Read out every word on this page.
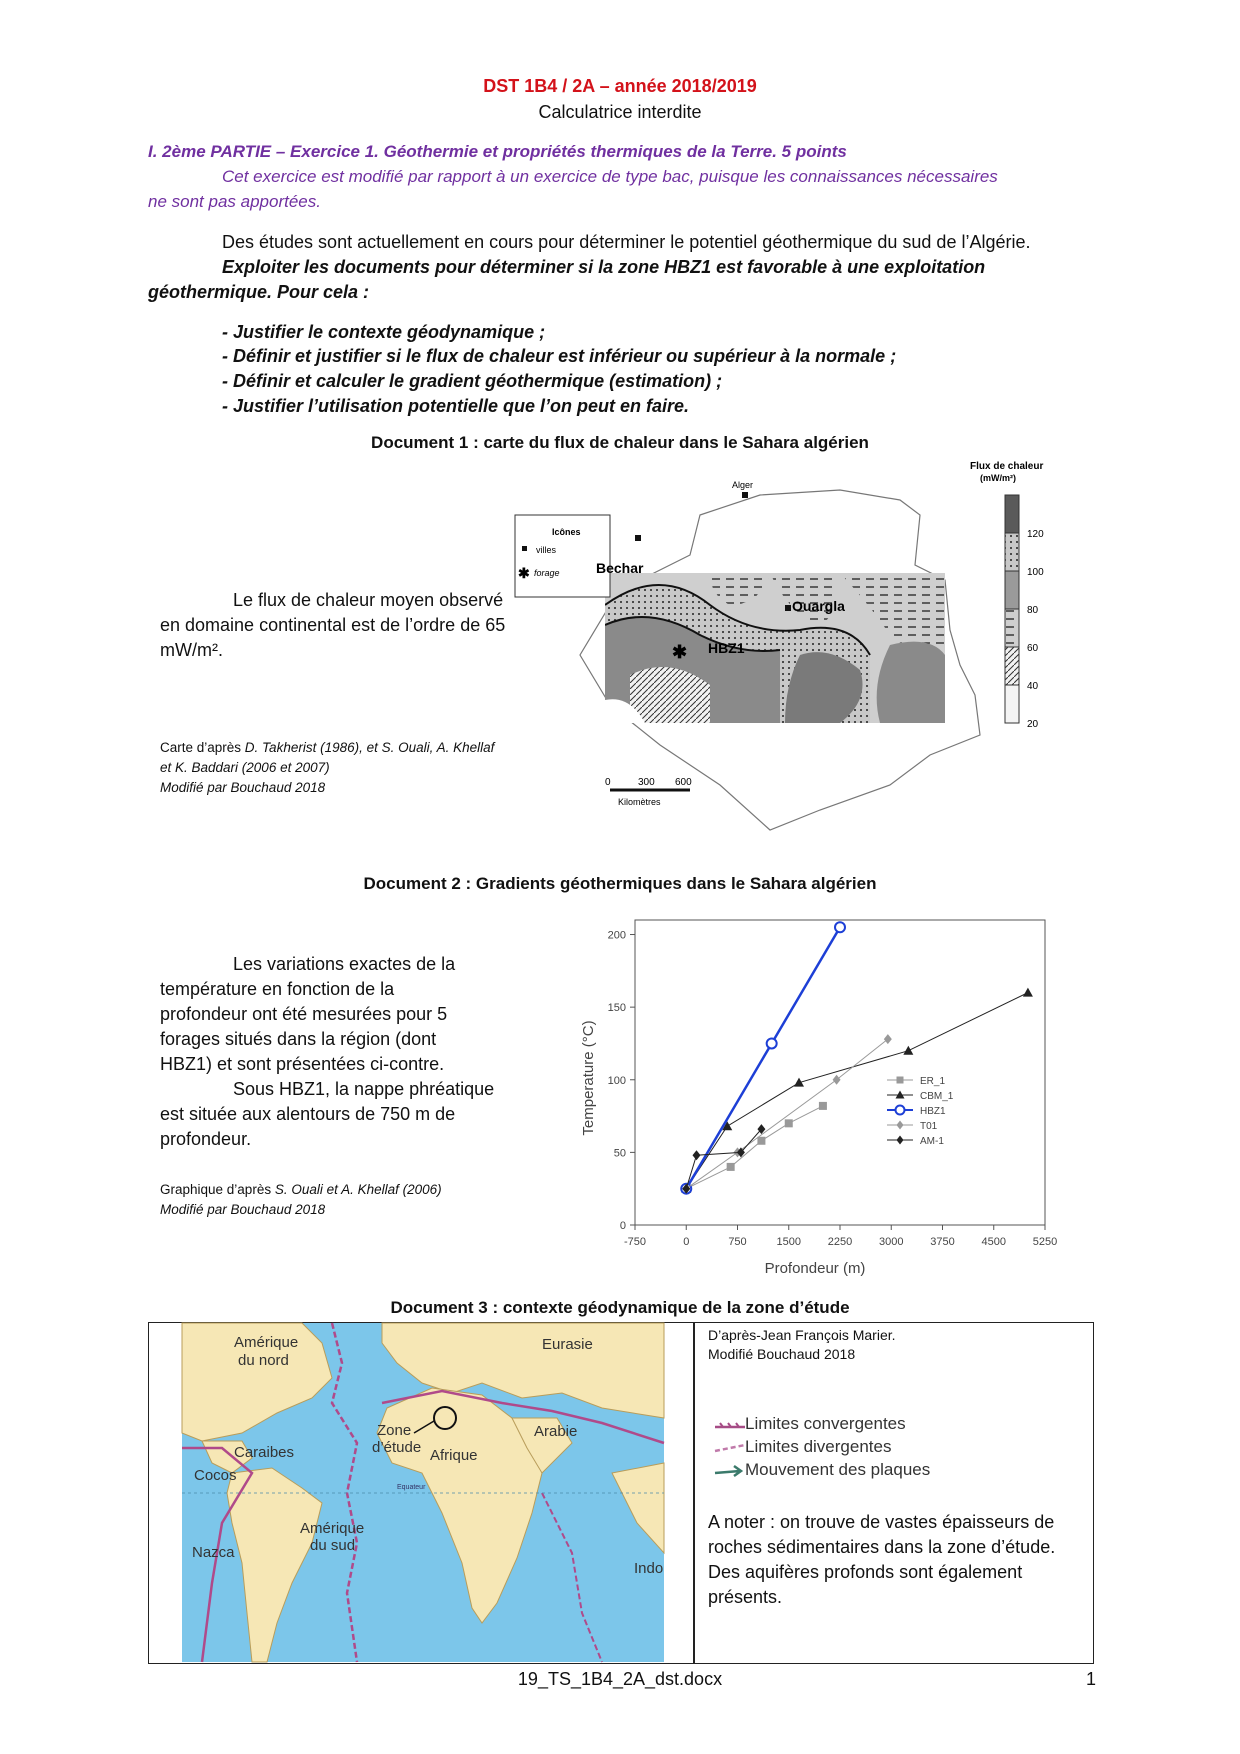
DST 1B4 / 2A – année 2018/2019
Calculatrice interdite
I. 2ème PARTIE – Exercice 1. Géothermie et propriétés thermiques de la Terre. 5 points
Cet exercice est modifié par rapport à un exercice de type bac, puisque les connaissances nécessaires
ne sont pas apportées.
Des études sont actuellement en cours pour déterminer le potentiel géothermique du sud de l’Algérie.
Exploiter les documents pour déterminer si la zone HBZ1 est favorable à une exploitation
géothermique. Pour cela :
- Justifier le contexte géodynamique ;
- Définir et justifier si le flux de chaleur est inférieur ou supérieur à la normale ;
- Définir et calculer le gradient géothermique (estimation) ;
- Justifier l’utilisation potentielle que l’on peut en faire.
Document 1 : carte du flux de chaleur dans le Sahara algérien
Le flux de chaleur moyen observé
en domaine continental est de l’ordre de 65
mW/m².
Carte d’après D. Takherist (1986), et S. Ouali, A. Khellaf
et K. Baddari (2006 et 2007)
Modifié par Bouchaud 2018
Icônes
villes
✱ forage
Alger
Bechar
Ouargla
✱ HBZ1
0	300 600
Kilomètres
Flux de chaleur
(mW/m²)
120
100
80
60
40
20
Document 2 : Gradients géothermiques dans le Sahara algérien
Les variations exactes de la
température en fonction de la
profondeur ont été mesurées pour 5
forages situés dans la région (dont
HBZ1) et sont présentées ci-contre.
Sous HBZ1, la nappe phréatique
est située aux alentours de 750 m de
profondeur.
Graphique d’après S. Ouali et A. Khellaf (2006)
Modifié par Bouchaud 2018
-750	0	750	1500 2250 3000 3750 4500 5250
0
50
100
150
200
ER_1
CBM_1
HBZ1
T01
AM-1
Profondeur (m)
Temperature (°C)
Document 3 : contexte géodynamique de la zone d’étude
Equateur
Amérique
du nord
Eurasie
Zone
d’étude
Arabie
Caraibes	Afrique
Cocos
Amérique
du sud
Nazca
Indo
D’après-Jean François Marier.
Modifié Bouchaud 2018
Limites convergentes
Limites divergentes
Mouvement des plaques
A noter : on trouve de vastes épaisseurs de
roches sédimentaires dans la zone d’étude.
Des aquifères profonds sont également
présents.
19_TS_1B4_2A_dst.docx	1
